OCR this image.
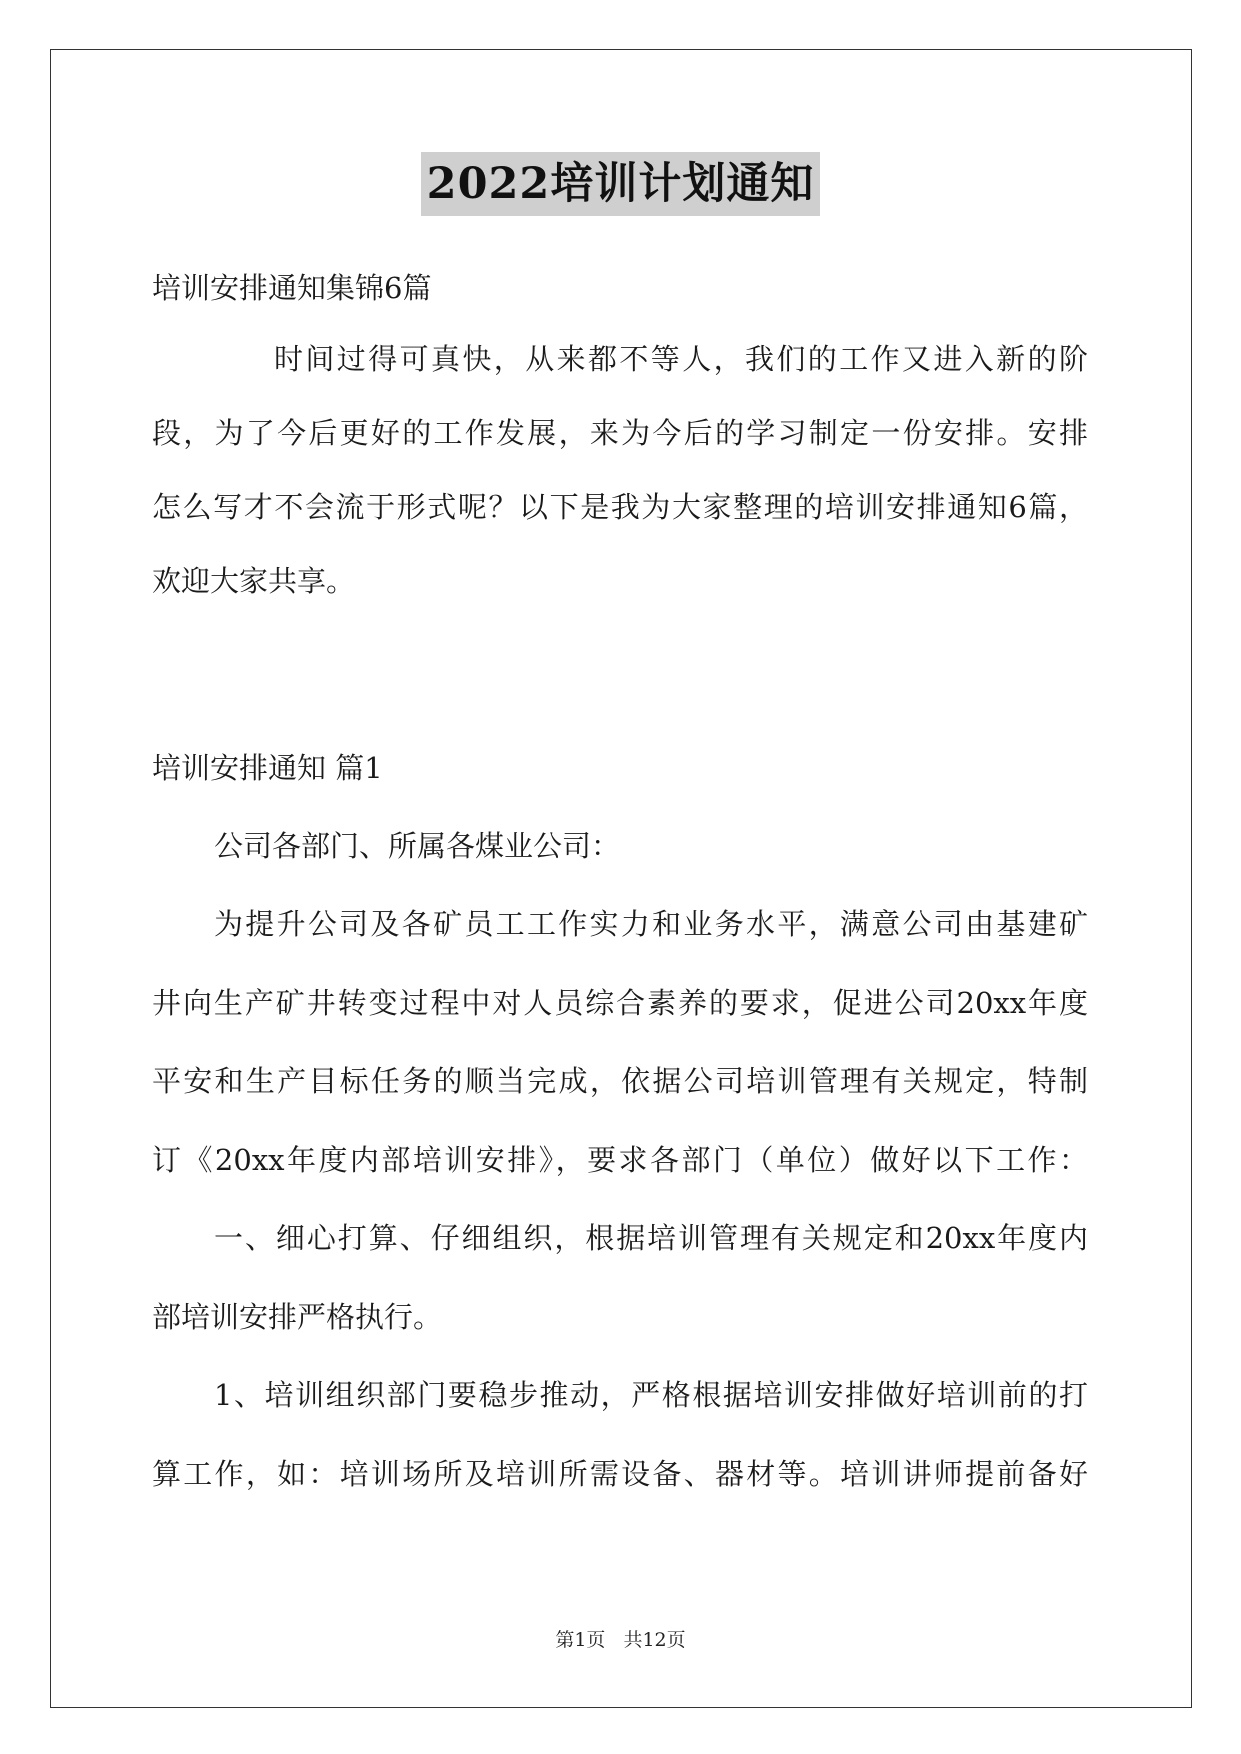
2022培训计划通知
培训安排通知集锦6篇
时间过得可真快，从来都不等人，我们的工作又进入新的阶
段，为了今后更好的工作发展，来为今后的学习制定一份安排。安排
怎么写才不会流于形式呢？以下是我为大家整理的培训安排通知6篇，
欢迎大家共享。
培训安排通知 篇1
公司各部门、所属各煤业公司：
为提升公司及各矿员工工作实力和业务水平，满意公司由基建矿
井向生产矿井转变过程中对人员综合素养的要求，促进公司20xx年度
平安和生产目标任务的顺当完成，依据公司培训管理有关规定，特制
订《20xx年度内部培训安排》，要求各部门（单位）做好以下工作：
一、细心打算、仔细组织，根据培训管理有关规定和20xx年度内
部培训安排严格执行。
1、培训组织部门要稳步推动，严格根据培训安排做好培训前的打
算工作，如：培训场所及培训所需设备、器材等。培训讲师提前备好
第1页 共12页
